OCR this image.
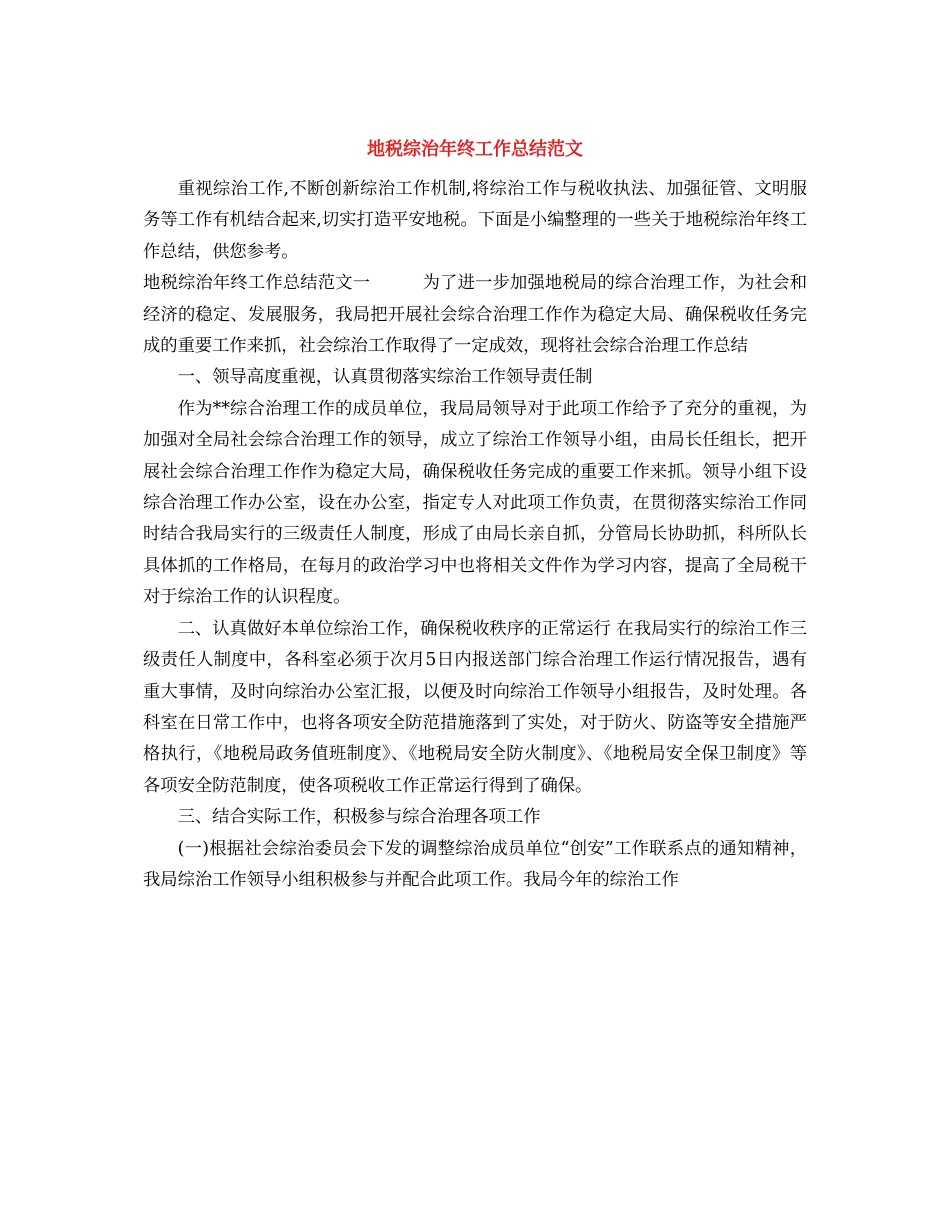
地税综治年终工作总结范文

重视综治工作,不断创新综治工作机制,将综治工作与税收执法、加强征管、文明服务等工作有机结合起来,切实打造平安地税。下面是小编整理的一些关于地税综治年终工作总结，供您参考。

地税综治年终工作总结范文一　　　为了进一步加强地税局的综合治理工作，为社会和经济的稳定、发展服务，我局把开展社会综合治理工作作为稳定大局、确保税收任务完成的重要工作来抓，社会综治工作取得了一定成效，现将社会综合治理工作总结

一、领导高度重视，认真贯彻落实综治工作领导责任制

作为**综合治理工作的成员单位，我局局领导对于此项工作给予了充分的重视，为加强对全局社会综合治理工作的领导，成立了综治工作领导小组，由局长任组长，把开展社会综合治理工作作为稳定大局，确保税收任务完成的重要工作来抓。领导小组下设综合治理工作办公室，设在办公室，指定专人对此项工作负责，在贯彻落实综治工作同时结合我局实行的三级责任人制度，形成了由局长亲自抓，分管局长协助抓，科所队长具体抓的工作格局，在每月的政治学习中也将相关文件作为学习内容，提高了全局税干对于综治工作的认识程度。

二、认真做好本单位综治工作，确保税收秩序的正常运行 在我局实行的综治工作三级责任人制度中，各科室必须于次月5日内报送部门综合治理工作运行情况报告，遇有重大事情，及时向综治办公室汇报，以便及时向综治工作领导小组报告，及时处理。各科室在日常工作中，也将各项安全防范措施落到了实处，对于防火、防盗等安全措施严格执行，《地税局政务值班制度》、《地税局安全防火制度》、《地税局安全保卫制度》等各项安全防范制度，使各项税收工作正常运行得到了确保。

三、结合实际工作，积极参与综合治理各项工作

(一)根据社会综治委员会下发的调整综治成员单位“创安”工作联系点的通知精神，我局综治工作领导小组积极参与并配合此项工作。我局今年的综治工作
